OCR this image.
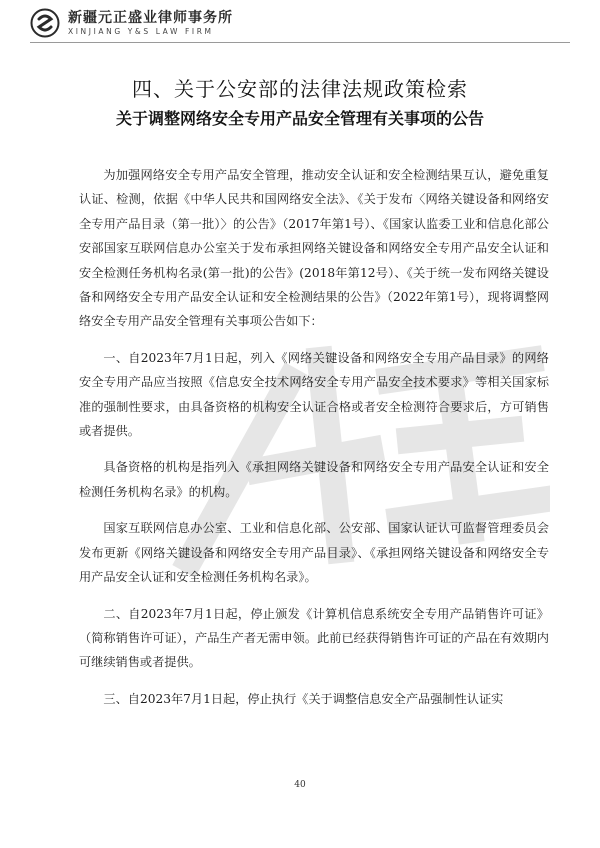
新疆元正盛业律师事务所
XINJIANG Y&S LAW FIRM
四、关于公安部的法律法规政策检索
关于调整网络安全专用产品安全管理有关事项的公告

为加强网络安全专用产品安全管理，推动安全认证和安全检测结果互认，避免重复认证、检测，依据《中华人民共和国网络安全法》、《关于发布〈网络关键设备和网络安全专用产品目录（第一批）〉的公告》（2017年第1号）、《国家认监委工业和信息化部公安部国家互联网信息办公室关于发布承担网络关键设备和网络安全专用产品安全认证和安全检测任务机构名录(第一批)的公告》(2018年第12号）、《关于统一发布网络关键设备和网络安全专用产品安全认证和安全检测结果的公告》（2022年第1号），现将调整网络安全专用产品安全管理有关事项公告如下：

一、自2023年7月1日起，列入《网络关键设备和网络安全专用产品目录》的网络安全专用产品应当按照《信息安全技术网络安全专用产品安全技术要求》等相关国家标准的强制性要求，由具备资格的机构安全认证合格或者安全检测符合要求后，方可销售或者提供。

具备资格的机构是指列入《承担网络关键设备和网络安全专用产品安全认证和安全检测任务机构名录》的机构。

国家互联网信息办公室、工业和信息化部、公安部、国家认证认可监督管理委员会发布更新《网络关键设备和网络安全专用产品目录》、《承担网络关键设备和网络安全专用产品安全认证和安全检测任务机构名录》。

二、自2023年7月1日起，停止颁发《计算机信息系统安全专用产品销售许可证》（简称销售许可证），产品生产者无需申领。此前已经获得销售许可证的产品在有效期内可继续销售或者提供。

三、自2023年7月1日起，停止执行《关于调整信息安全产品强制性认证实

40
